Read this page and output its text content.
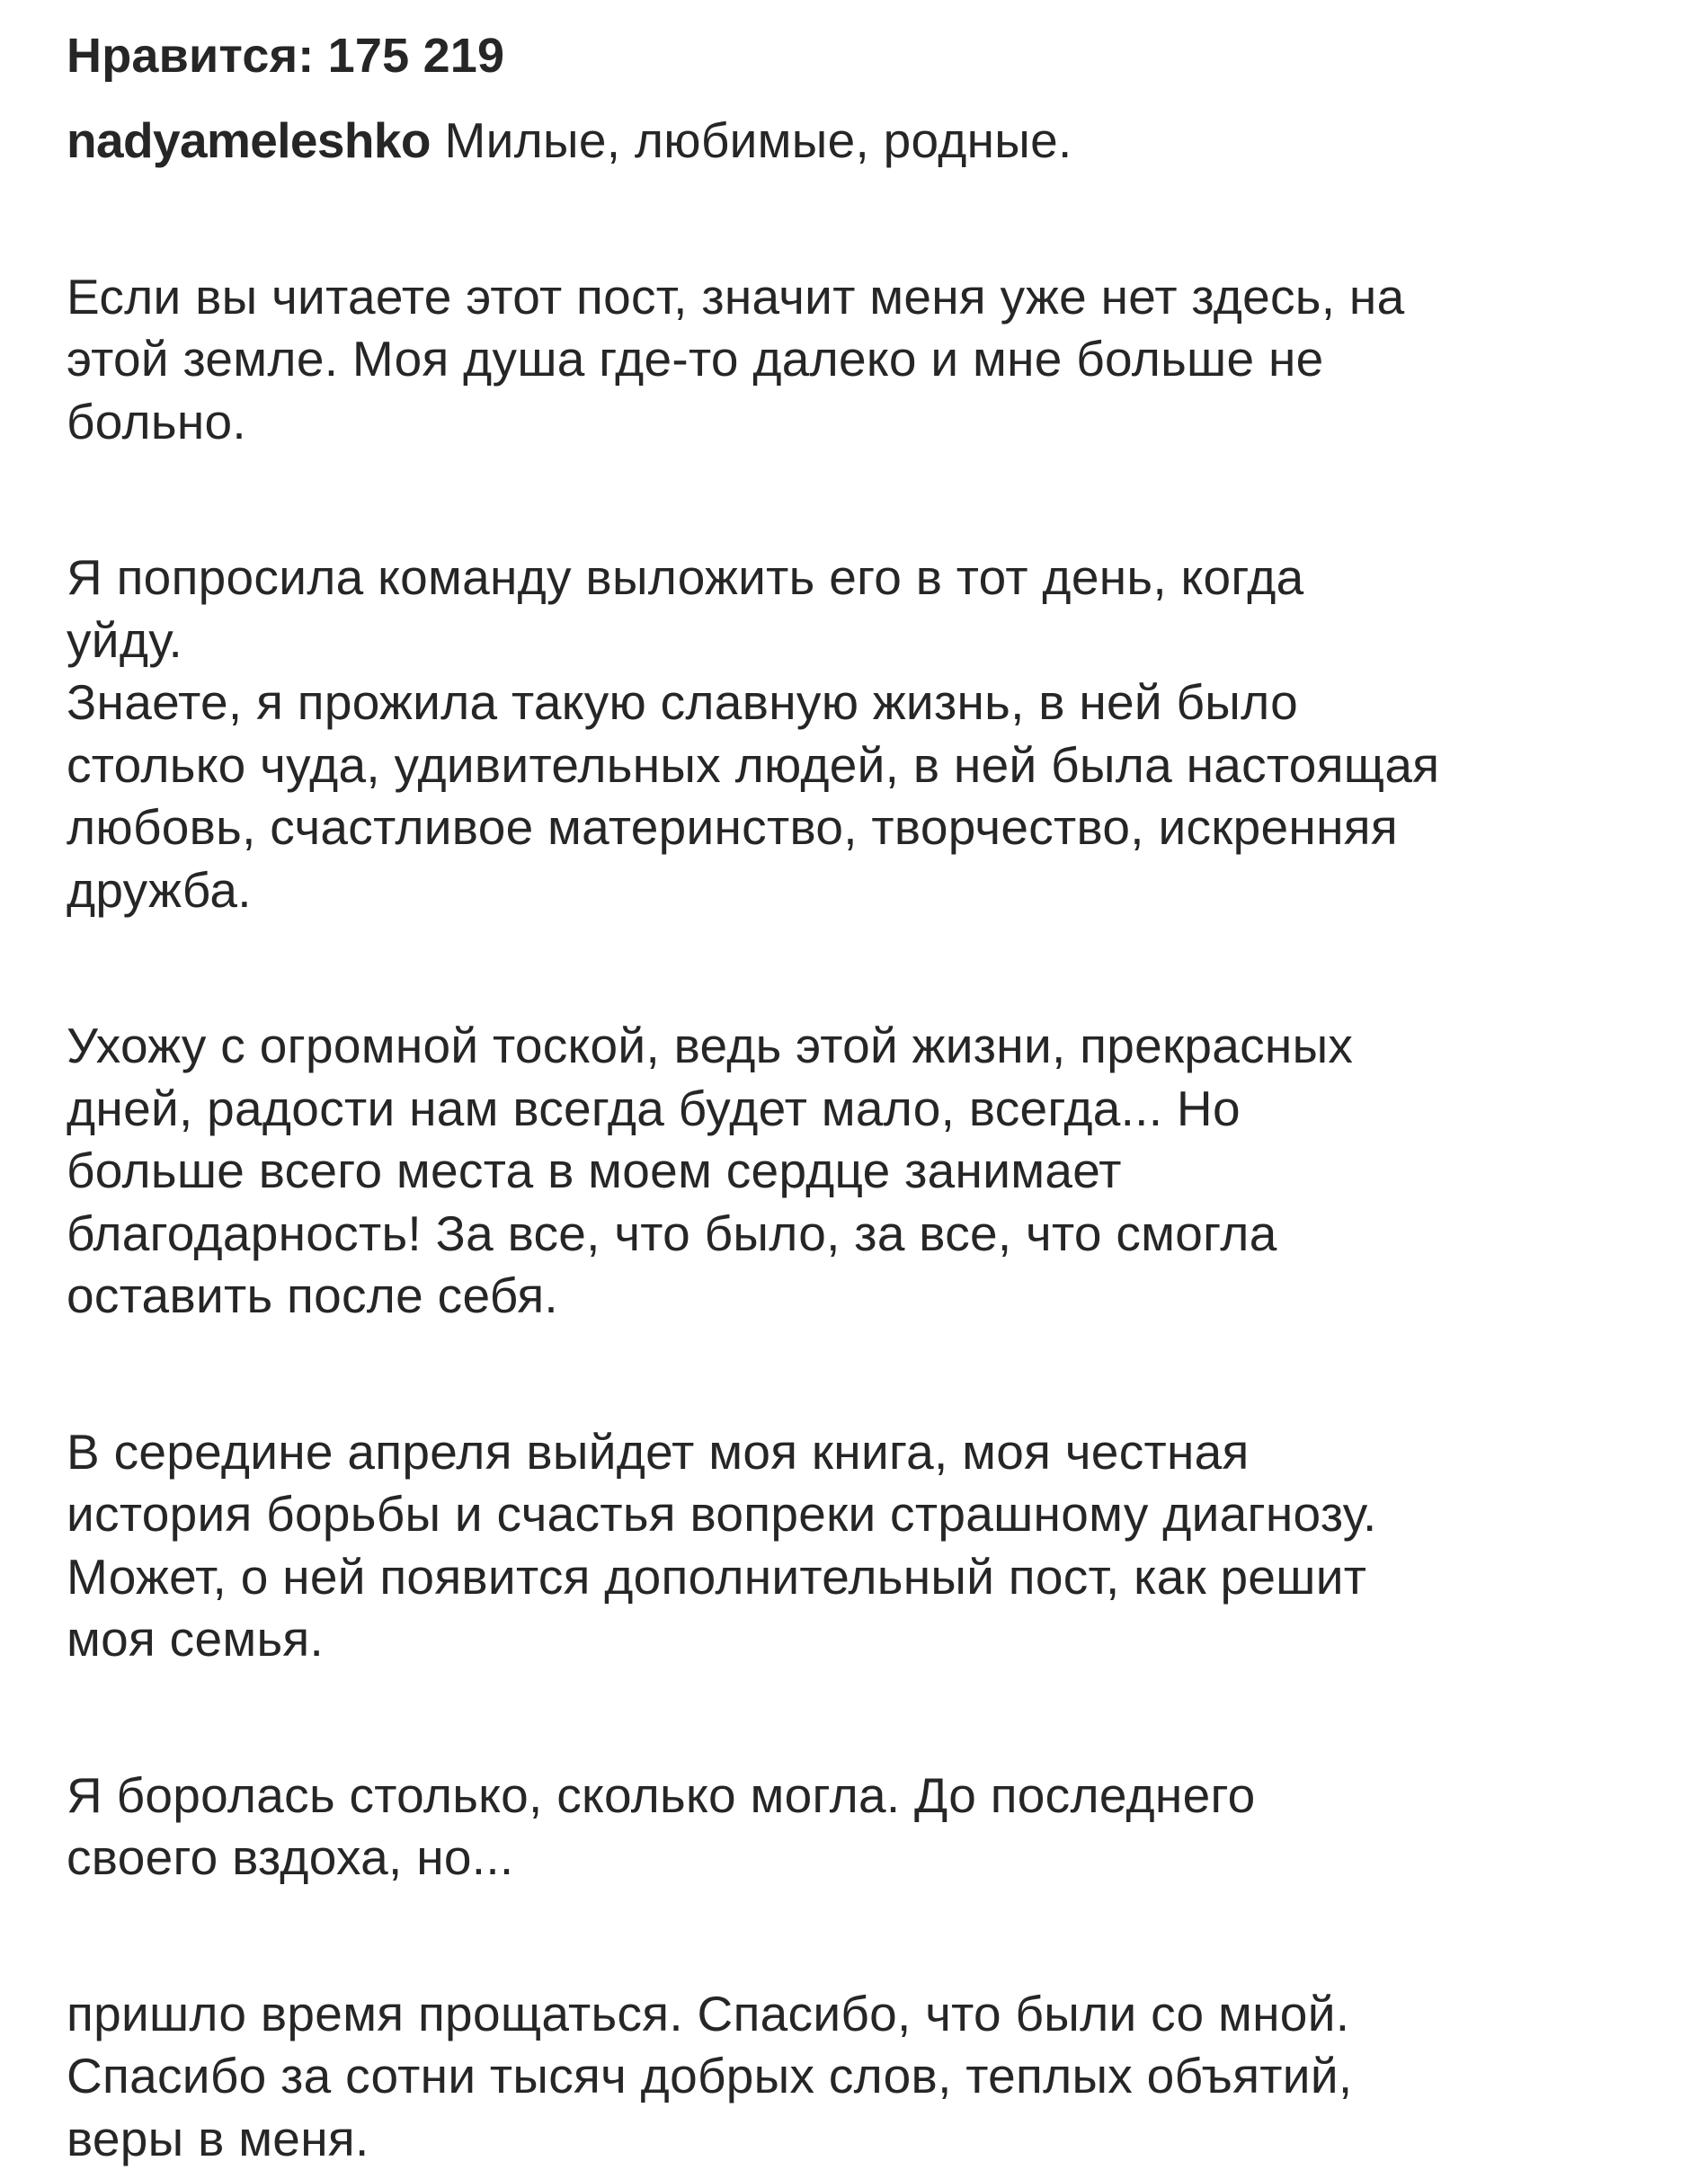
Нравится: 175 219

nadyameleshko Милые, любимые, родные.

Если вы читаете этот пост, значит меня уже нет здесь, на
этой земле. Моя душа где-то далеко и мне больше не
больно.

Я попросила команду выложить его в тот день, когда
уйду.

Знаете, я прожила такую славную жизнь, в ней было
столько чуда, удивительных людей, в ней была настоящая
любовь, счастливое материнство, творчество, искренняя
дружба.

Ухожу с огромной тоской, ведь этой жизни, прекрасных
дней, радости нам всегда будет мало, всегда... Но
больше всего места в моем сердце занимает
благодарность! За все, что было, за все, что смогла
оставить после себя.

В середине апреля выйдет моя книга, моя честная
история борьбы и счастья вопреки страшному диагнозу.
Может, о ней появится дополнительный пост, как решит
моя семья.

Я боролась столько, сколько могла. До последнего
своего вздоха, но...

пришло время прощаться. Спасибо, что были со мной.
Спасибо за сотни тысяч добрых слов, теплых объятий,
веры в меня.
